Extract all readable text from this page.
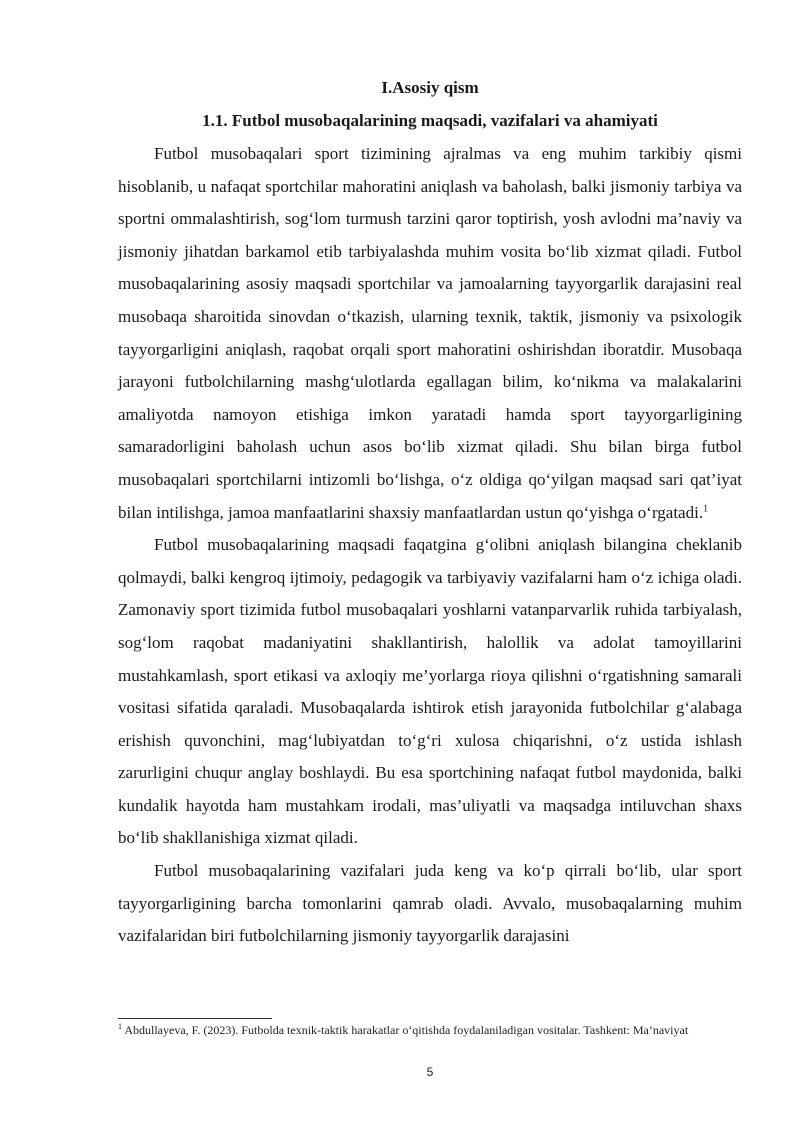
I.Asosiy qism
1.1. Futbol musobaqalarining maqsadi, vazifalari va ahamiyati

Futbol musobaqalari sport tizimining ajralmas va eng muhim tarkibiy qismi hisoblanib, u nafaqat sportchilar mahoratini aniqlash va baholash, balki jismoniy tarbiya va sportni ommalashtirish, sog‘lom turmush tarzini qaror toptirish, yosh avlodni ma’naviy va jismoniy jihatdan barkamol etib tarbiyalashda muhim vosita bo‘lib xizmat qiladi. Futbol musobaqalarining asosiy maqsadi sportchilar va jamoalarning tayyorgarlik darajasini real musobaqa sharoitida sinovdan o‘tkazish, ularning texnik, taktik, jismoniy va psixologik tayyorgarligini aniqlash, raqobat orqali sport mahoratini oshirishdan iboratdir. Musobaqa jarayoni futbolchilarning mashg‘ulotlarda egallagan bilim, ko‘nikma va malakalarini amaliyotda namoyon etishiga imkon yaratadi hamda sport tayyorgarligining samaradorligini baholash uchun asos bo‘lib xizmat qiladi. Shu bilan birga futbol musobaqalari sportchilarni intizomli bo‘lishga, o‘z oldiga qo‘yilgan maqsad sari qat’iyat bilan intilishga, jamoa manfaatlarini shaxsiy manfaatlardan ustun qo‘yishga o‘rgatadi.$^1$

Futbol musobaqalarining maqsadi faqatgina g‘olibni aniqlash bilangina cheklanib qolmaydi, balki kengroq ijtimoiy, pedagogik va tarbiyaviy vazifalarni ham o‘z ichiga oladi. Zamonaviy sport tizimida futbol musobaqalari yoshlarni vatanparvarlik ruhida tarbiyalash, sog‘lom raqobat madaniyatini shakllantirish, halollik va adolat tamoyillarini mustahkamlash, sport etikasi va axloqiy me’yorlarga rioya qilishni o‘rgatishning samarali vositasi sifatida qaraladi. Musobaqalarda ishtirok etish jarayonida futbolchilar g‘alabaga erishish quvonchini, mag‘lubiyatdan to‘g‘ri xulosa chiqarishni, o‘z ustida ishlash zarurligini chuqur anglay boshlaydi. Bu esa sportchining nafaqat futbol maydonida, balki kundalik hayotda ham mustahkam irodali, mas’uliyatli va maqsadga intiluvchan shaxs bo‘lib shakllanishiga xizmat qiladi.

Futbol musobaqalarining vazifalari juda keng va ko‘p qirrali bo‘lib, ular sport tayyorgarligining barcha tomonlarini qamrab oladi. Avvalo, musobaqalarning muhim vazifalaridan biri futbolchilarning jismoniy tayyorgarlik darajasini

$^1$ Abdullayeva, F. (2023). Futbolda texnik-taktik harakatlar o‘qitishda foydalaniladigan vositalar. Tashkent: Ma’naviyat
5
